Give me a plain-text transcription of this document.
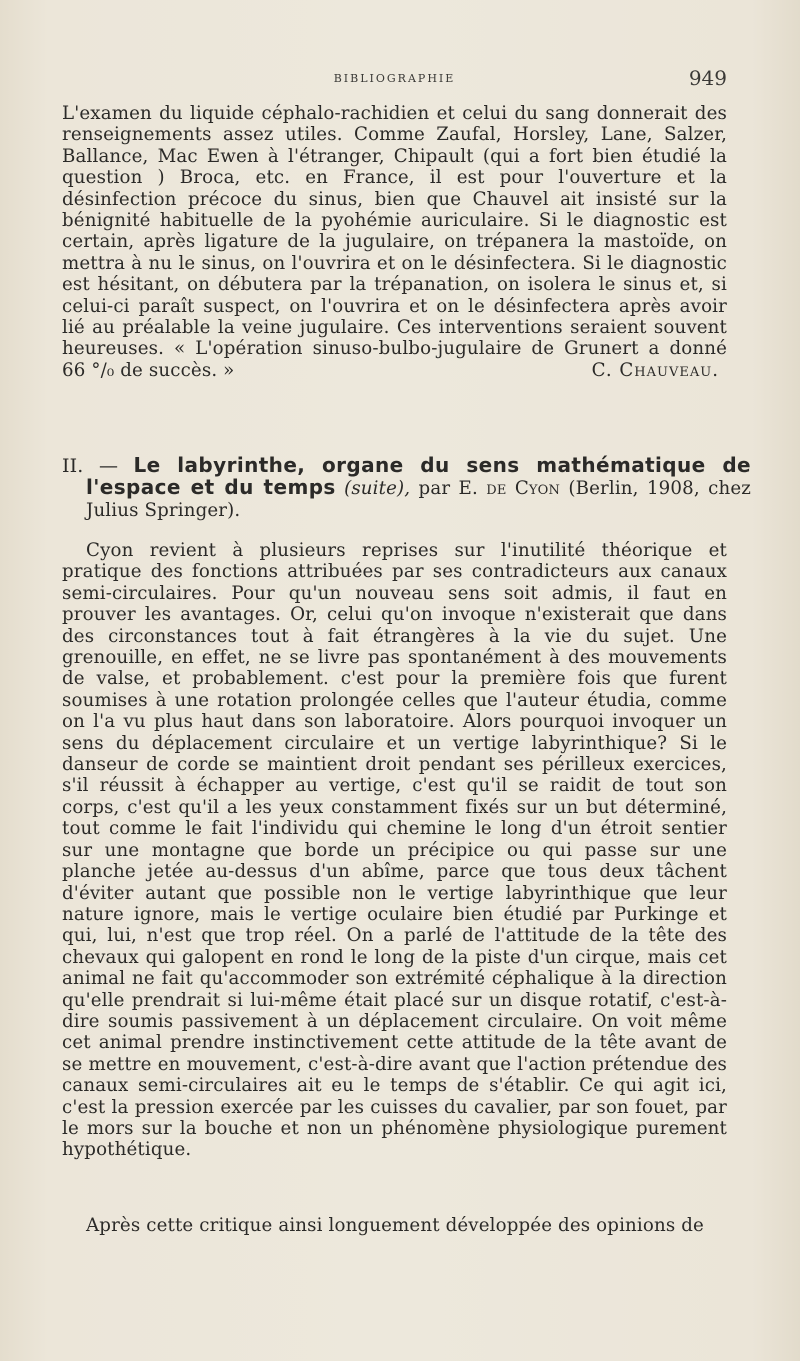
BIBLIOGRAPHIE	949
L'examen du liquide céphalo-rachidien et celui du sang donnerait des renseignements assez utiles. Comme Zaufal, Horsley, Lane, Salzer, Ballance, Mac Ewen à l'étranger, Chipault (qui a fort bien étudié la question ) Broca, etc. en France, il est pour l'ouverture et la désinfection précoce du sinus, bien que Chauvel ait insisté sur la bénignité habituelle de la pyohémie auriculaire. Si le diagnostic est certain, après ligature de la jugulaire, on trépanera la mastoïde, on mettra à nu le sinus, on l'ouvrira et on le désinfectera. Si le diagnostic est hésitant, on débutera par la trépanation, on isolera le sinus et, si celui-ci paraît suspect, on l'ouvrira et on le désinfectera après avoir lié au préalable la veine jugulaire. Ces interventions seraient souvent heureuses. « L'opération sinuso-bulbo-jugulaire de Grunert a donné 66 °/₀ de succès. »	C. Chauveau.
II. — Le labyrinthe, organe du sens mathématique de l'espace et du temps (suite), par E. de Cyon (Berlin, 1908, chez Julius Springer).
Cyon revient à plusieurs reprises sur l'inutilité théorique et pratique des fonctions attribuées par ses contradicteurs aux canaux semi-circulaires. Pour qu'un nouveau sens soit admis, il faut en prouver les avantages. Or, celui qu'on invoque n'existerait que dans des circonstances tout à fait étrangères à la vie du sujet. Une grenouille, en effet, ne se livre pas spontanément à des mouvements de valse, et probablement. c'est pour la première fois que furent soumises à une rotation prolongée celles que l'auteur étudia, comme on l'a vu plus haut dans son laboratoire. Alors pourquoi invoquer un sens du déplacement circulaire et un vertige labyrinthique? Si le danseur de corde se maintient droit pendant ses périlleux exercices, s'il réussit à échapper au vertige, c'est qu'il se raidit de tout son corps, c'est qu'il a les yeux constamment fixés sur un but déterminé, tout comme le fait l'individu qui chemine le long d'un étroit sentier sur une montagne que borde un précipice ou qui passe sur une planche jetée au-dessus d'un abîme, parce que tous deux tâchent d'éviter autant que possible non le vertige labyrinthique que leur nature ignore, mais le vertige oculaire bien étudié par Purkinge et qui, lui, n'est que trop réel. On a parlé de l'attitude de la tête des chevaux qui galopent en rond le long de la piste d'un cirque, mais cet animal ne fait qu'accommoder son extrémité céphalique à la direction qu'elle prendrait si lui-même était placé sur un disque rotatif, c'est-à-dire soumis passivement à un déplacement circulaire. On voit même cet animal prendre instinctivement cette attitude de la tête avant de se mettre en mouvement, c'est-à-dire avant que l'action prétendue des canaux semi-circulaires ait eu le temps de s'établir. Ce qui agit ici, c'est la pression exercée par les cuisses du cavalier, par son fouet, par le mors sur la bouche et non un phénomène physiologique purement hypothétique.
Après cette critique ainsi longuement développée des opinions de
